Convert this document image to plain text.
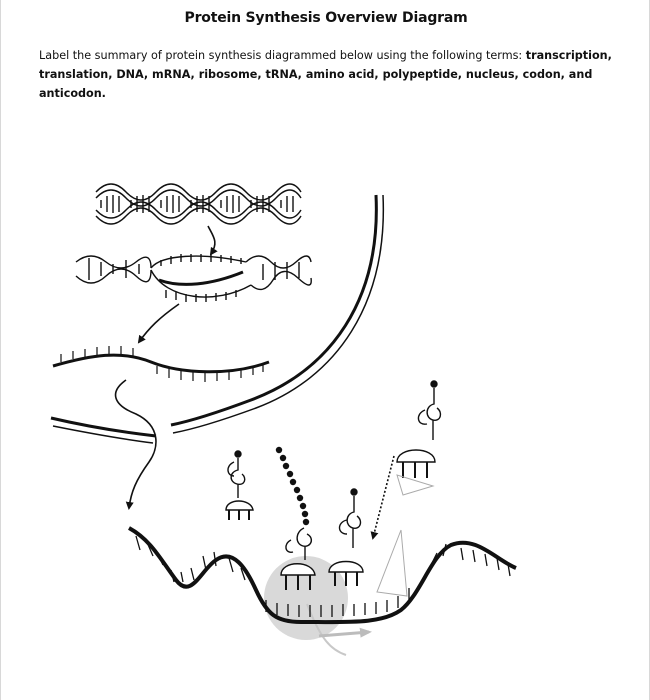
Protein Synthesis Overview Diagram
Label the summary of protein synthesis diagrammed below using the following terms: transcription, translation, DNA, mRNA, ribosome, tRNA, amino acid, polypeptide, nucleus, codon, and anticodon.
